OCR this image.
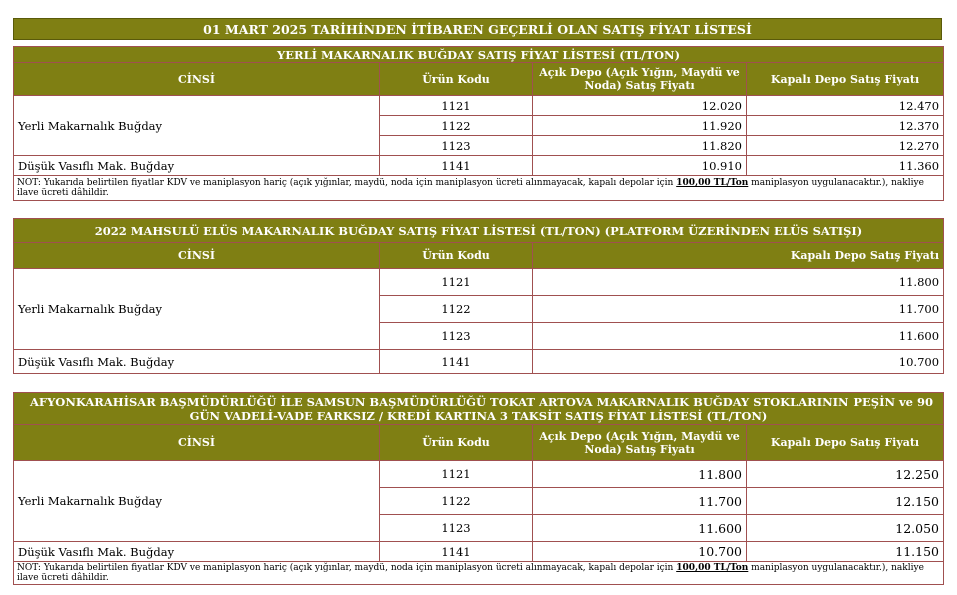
01 MART 2025 TARİHİNDEN İTİBAREN GEÇERLİ OLAN SATIŞ FİYAT LİSTESİ
YERLİ MAKARNALIK BUĞDAY SATIŞ FİYAT LİSTESİ (TL/TON)			
CİNSİ	Ürün Kodu	Açık Depo (Açık Yığın, Maydü ve Noda) Satış Fiyatı	Kapalı Depo Satış Fiyatı
Yerli Makarnalık Buğday	1121	12.020	12.470
	1122	11.920	12.370
	1123	11.820	12.270
Düşük Vasıflı Mak. Buğday	1141	10.910	11.360
NOT: Yukarıda belirtilen fiyatlar KDV ve maniplasyon hariç (açık yığınlar, maydü, noda için maniplasyon ücreti alınmayacak, kapalı depolar için 100,00 TL/Ton maniplasyon uygulanacaktır.), nakliye ilave ücreti dâhildir.			
2022 MAHSULÜ ELÜS MAKARNALIK BUĞDAY SATIŞ FİYAT LİSTESİ (TL/TON) (PLATFORM ÜZERİNDEN ELÜS SATIŞI)		
CİNSİ	Ürün Kodu	Kapalı Depo Satış Fiyatı
Yerli Makarnalık Buğday	1121	11.800
	1122	11.700
	1123	11.600
Düşük Vasıflı Mak. Buğday	1141	10.700
AFYONKARAHİSAR BAŞMÜDÜRLÜĞÜ İLE SAMSUN BAŞMÜDÜRLÜĞÜ TOKAT ARTOVA MAKARNALIK BUĞDAY STOKLARININ PEŞİN ve 90
GÜN VADELİ-VADE FARKSIZ / KREDİ KARTINA 3 TAKSİT SATIŞ FİYAT LİSTESİ (TL/TON)			

CİNSİ	Ürün Kodu	Açık Depo (Açık Yığın, Maydü ve Noda) Satış Fiyatı	Kapalı Depo Satış Fiyatı
Yerli Makarnalık Buğday	1121	11.800	12.250
	1122	11.700	12.150
	1123	11.600	12.050
Düşük Vasıflı Mak. Buğday	1141	10.700	11.150
NOT: Yukarıda belirtilen fiyatlar KDV ve maniplasyon hariç (açık yığınlar, maydü, noda için maniplasyon ücreti alınmayacak, kapalı depolar için 100,00 TL/Ton maniplasyon uygulanacaktır.), nakliye ilave ücreti dâhildir.			
